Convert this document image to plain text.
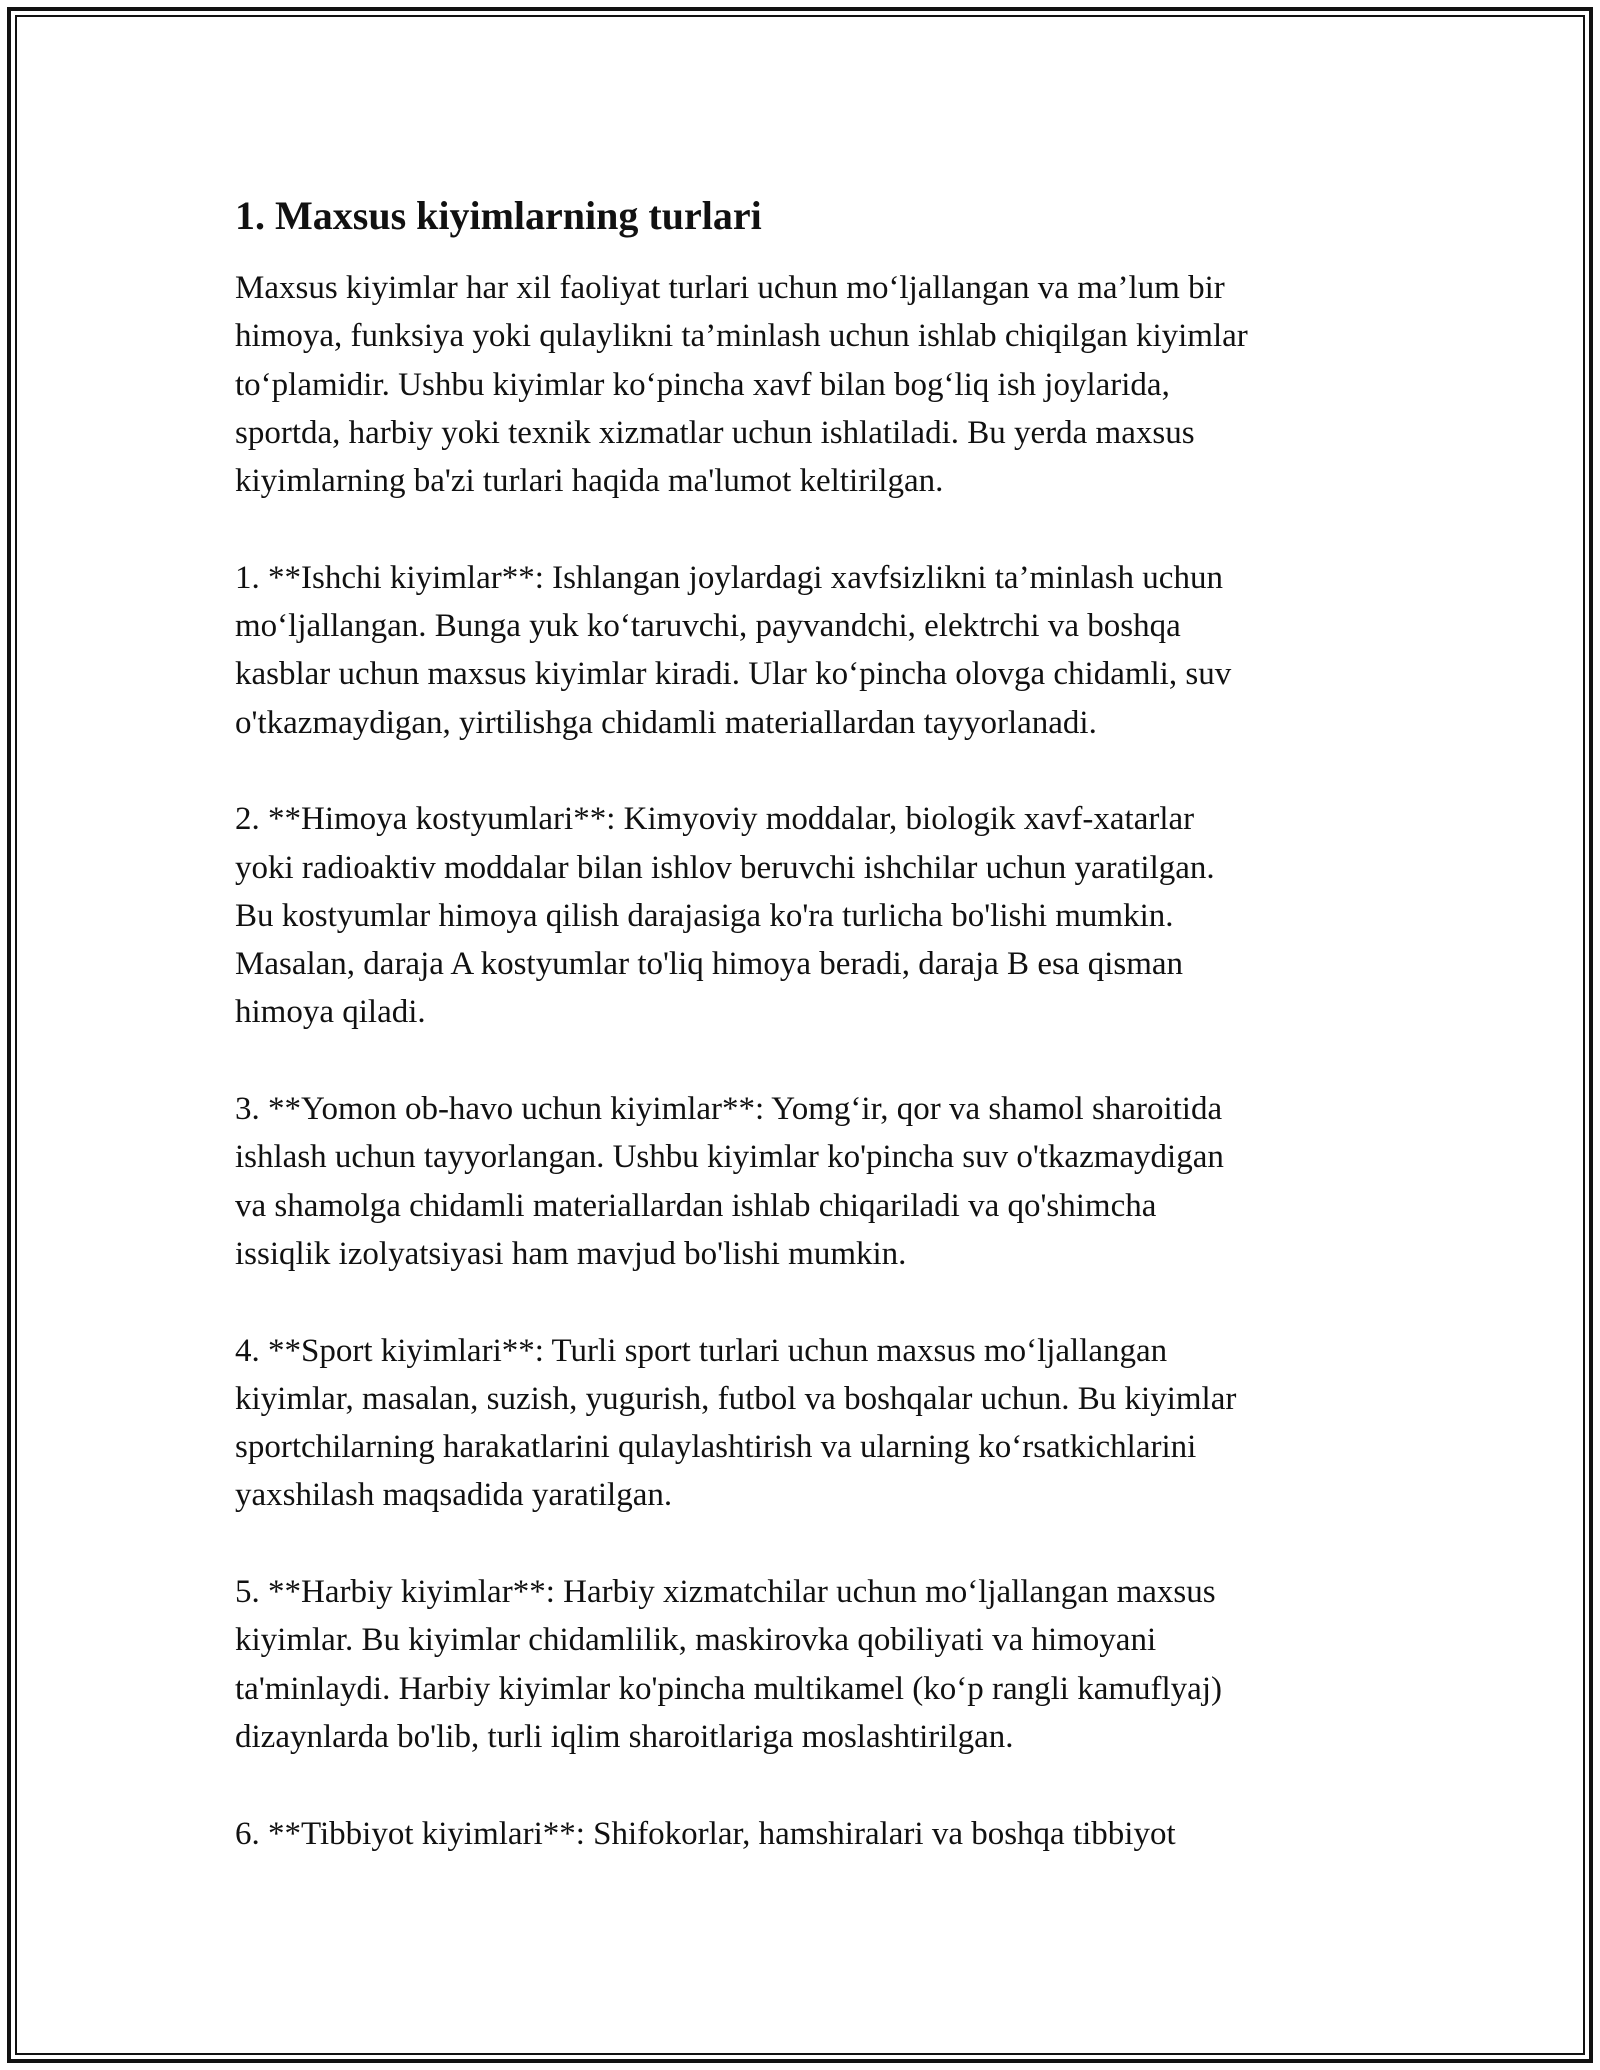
1. Maxsus kiyimlarning turlari

Maxsus kiyimlar har xil faoliyat turlari uchun mo‘ljallangan va ma’lum bir
himoya, funksiya yoki qulaylikni ta’minlash uchun ishlab chiqilgan kiyimlar
to‘plamidir. Ushbu kiyimlar ko‘pincha xavf bilan bog‘liq ish joylarida,
sportda, harbiy yoki texnik xizmatlar uchun ishlatiladi. Bu yerda maxsus
kiyimlarning ba'zi turlari haqida ma'lumot keltirilgan.

1. **Ishchi kiyimlar**: Ishlangan joylardagi xavfsizlikni ta’minlash uchun
mo‘ljallangan. Bunga yuk ko‘taruvchi, payvandchi, elektrchi va boshqa
kasblar uchun maxsus kiyimlar kiradi. Ular ko‘pincha olovga chidamli, suv
o'tkazmaydigan, yirtilishga chidamli materiallardan tayyorlanadi.

2. **Himoya kostyumlari**: Kimyoviy moddalar, biologik xavf-xatarlar
yoki radioaktiv moddalar bilan ishlov beruvchi ishchilar uchun yaratilgan.
Bu kostyumlar himoya qilish darajasiga ko'ra turlicha bo'lishi mumkin.
Masalan, daraja A kostyumlar to'liq himoya beradi, daraja B esa qisman
himoya qiladi.

3. **Yomon ob-havo uchun kiyimlar**: Yomg‘ir, qor va shamol sharoitida
ishlash uchun tayyorlangan. Ushbu kiyimlar ko'pincha suv o'tkazmaydigan
va shamolga chidamli materiallardan ishlab chiqariladi va qo'shimcha
issiqlik izolyatsiyasi ham mavjud bo'lishi mumkin.

4. **Sport kiyimlari**: Turli sport turlari uchun maxsus mo‘ljallangan
kiyimlar, masalan, suzish, yugurish, futbol va boshqalar uchun. Bu kiyimlar
sportchilarning harakatlarini qulaylashtirish va ularning ko‘rsatkichlarini
yaxshilash maqsadida yaratilgan.

5. **Harbiy kiyimlar**: Harbiy xizmatchilar uchun mo‘ljallangan maxsus
kiyimlar. Bu kiyimlar chidamlilik, maskirovka qobiliyati va himoyani
ta'minlaydi. Harbiy kiyimlar ko'pincha multikamel (ko‘p rangli kamuflyaj)
dizaynlarda bo'lib, turli iqlim sharoitlariga moslashtirilgan.

6. **Tibbiyot kiyimlari**: Shifokorlar, hamshiralari va boshqa tibbiyot
